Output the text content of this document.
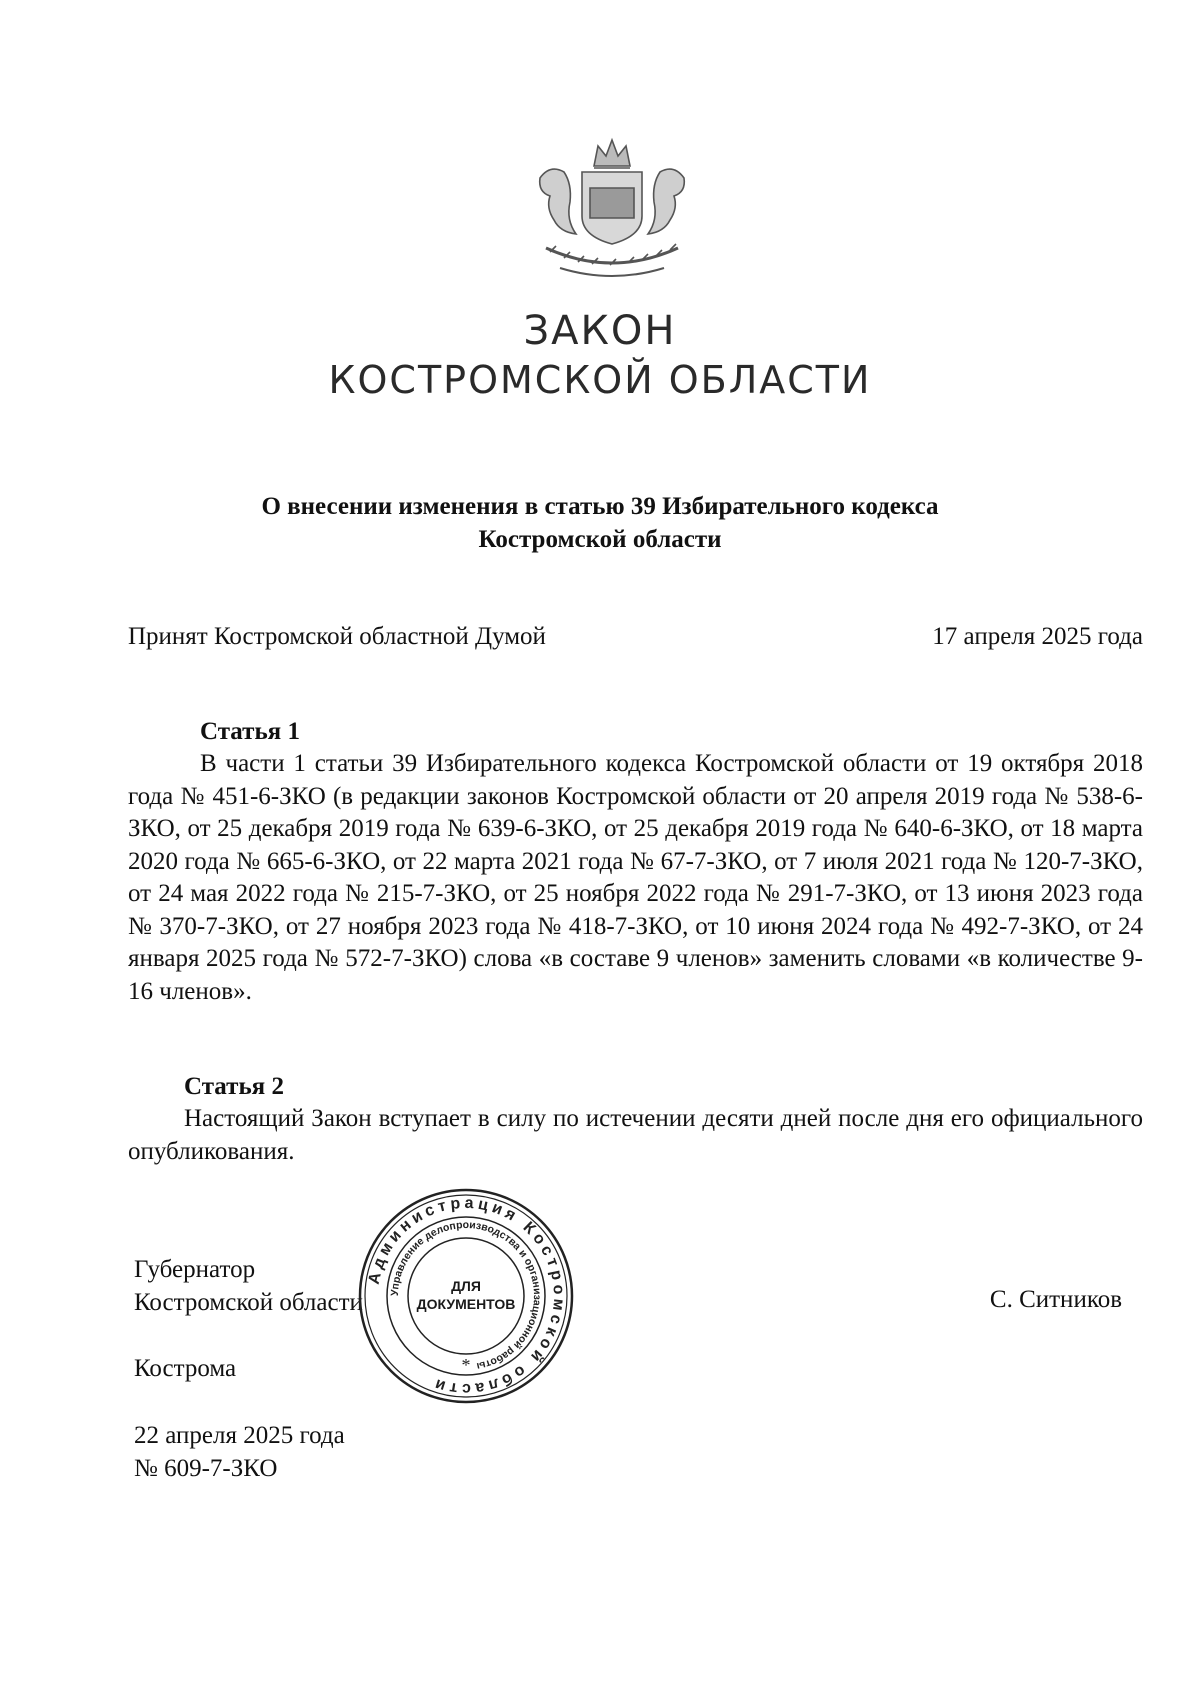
ЗАКОН
КОСТРОМСКОЙ ОБЛАСТИ
О внесении изменения в статью 39 Избирательного кодекса
Костромской области
Принят Костромской областной Думой	17 апреля 2025 года
Статья 1

В части 1 статьи 39 Избирательного кодекса Костромской области от 19 октября 2018 года № 451-6-ЗКО (в редакции законов Костромской области от 20 апреля 2019 года № 538-6-ЗКО, от 25 декабря 2019 года № 639-6-ЗКО, от 25 декабря 2019 года № 640-6-ЗКО, от 18 марта 2020 года № 665-6-ЗКО, от 22 марта 2021 года № 67-7-ЗКО, от 7 июля 2021 года № 120-7-ЗКО, от 24 мая 2022 года № 215-7-ЗКО, от 25 ноября 2022 года № 291-7-ЗКО, от 13 июня 2023 года № 370-7-ЗКО, от 27 ноября 2023 года № 418-7-ЗКО, от 10 июня 2024 года № 492-7-ЗКО, от 24 января 2025 года № 572-7-ЗКО) слова «в составе 9 членов» заменить словами «в количестве 9-16 членов».

Статья 2

Настоящий Закон вступает в силу по истечении десяти дней после дня его официального опубликования.

Губернатор
Костромской области	С. Ситников
Кострома
22 апреля 2025 года
№ 609-7-ЗКО
Администрация Костромской области
Управление делопроизводства и организационной работы
*
ДЛЯ
ДОКУМЕНТОВ
